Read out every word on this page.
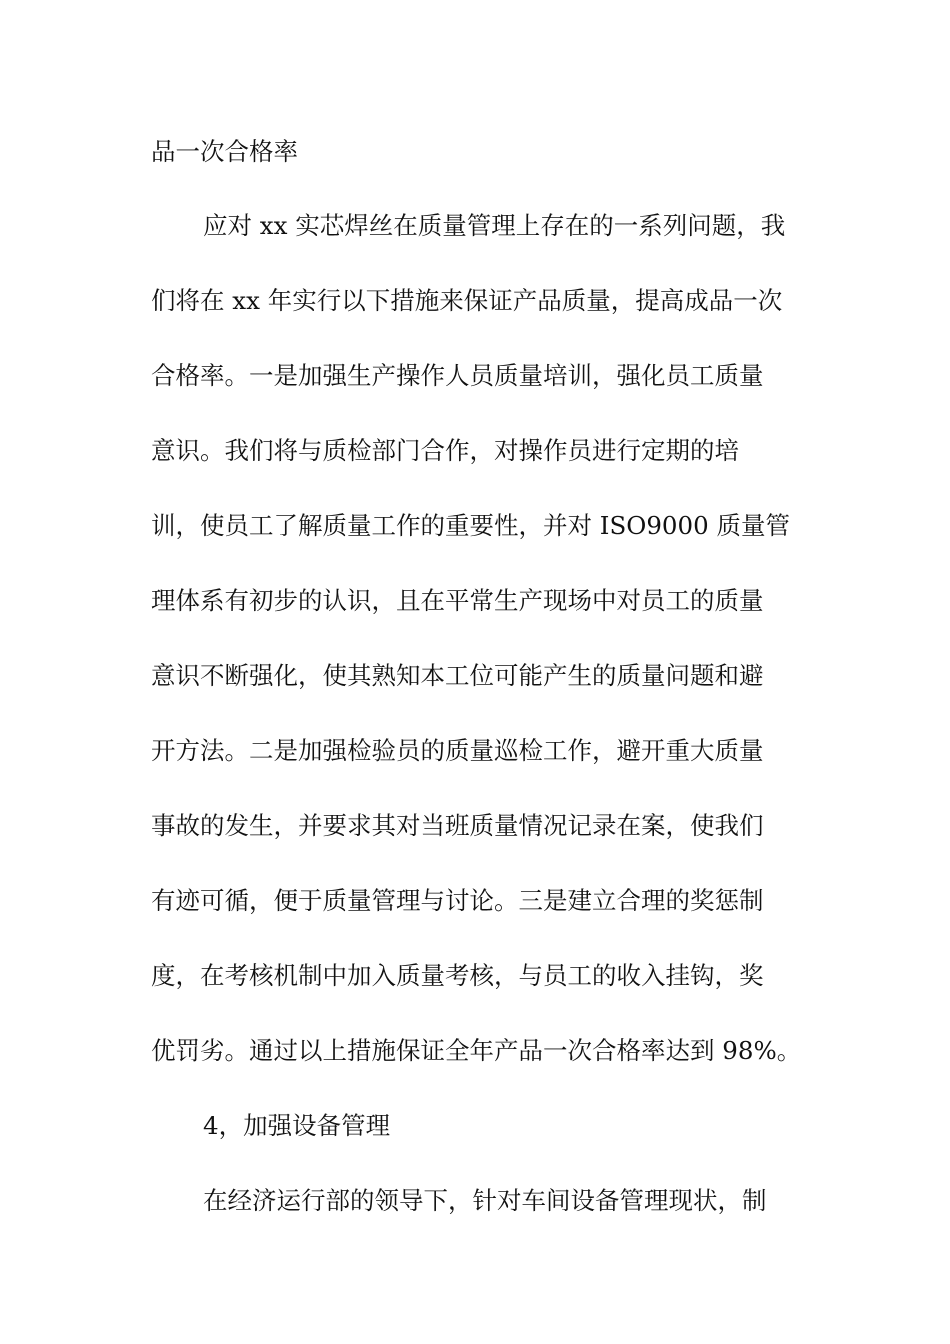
品一次合格率

应对 xx 实芯焊丝在质量管理上存在的一系列问题，我

们将在 xx 年实行以下措施来保证产品质量，提高成品一次

合格率。一是加强生产操作人员质量培训，强化员工质量

意识。我们将与质检部门合作，对操作员进行定期的培

训，使员工了解质量工作的重要性，并对 ISO9000 质量管

理体系有初步的认识，且在平常生产现场中对员工的质量

意识不断强化，使其熟知本工位可能产生的质量问题和避

开方法。二是加强检验员的质量巡检工作，避开重大质量

事故的发生，并要求其对当班质量情况记录在案，使我们

有迹可循，便于质量管理与讨论。三是建立合理的奖惩制

度，在考核机制中加入质量考核，与员工的收入挂钩，奖

优罚劣。通过以上措施保证全年产品一次合格率达到 98%。

4，加强设备管理

在经济运行部的领导下，针对车间设备管理现状，制
